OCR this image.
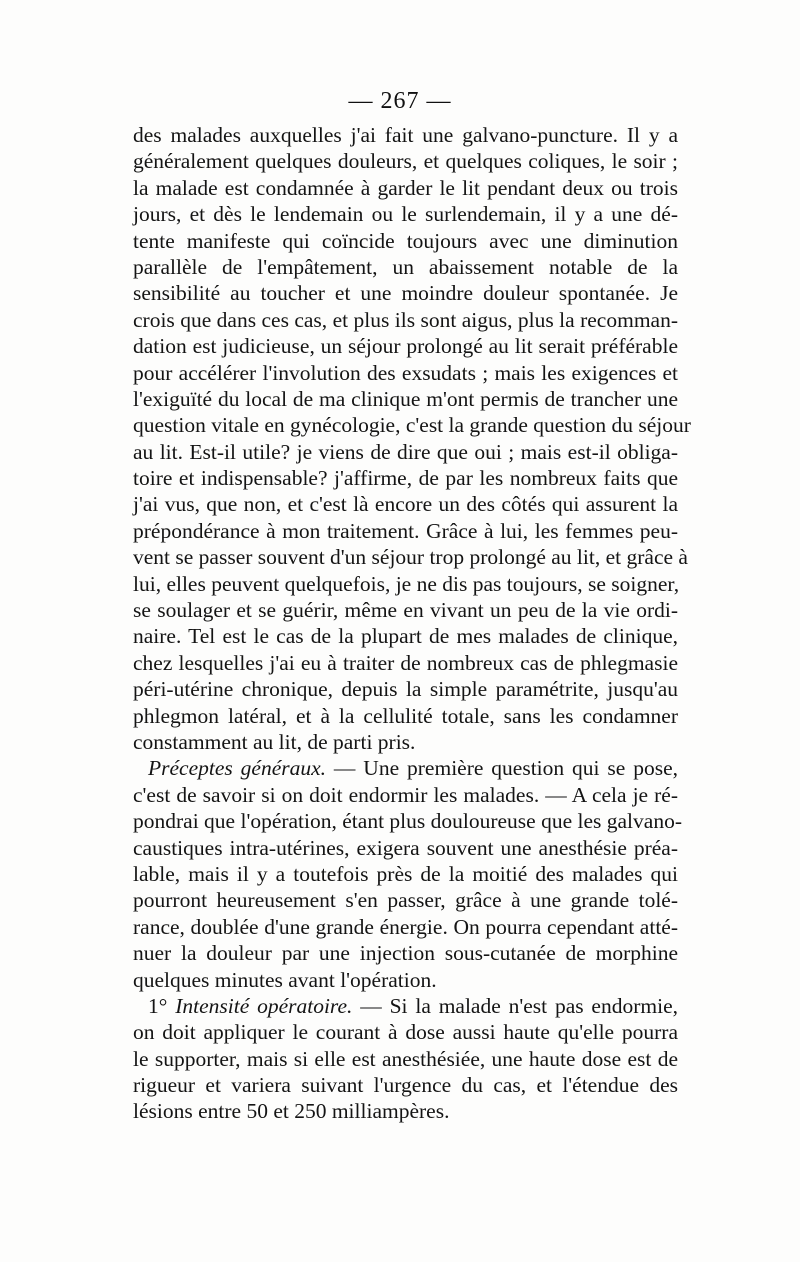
— 267 —
des malades auxquelles j'ai fait une galvano-puncture. Il y a
généralement quelques douleurs, et quelques coliques, le soir ;
la malade est condamnée à garder le lit pendant deux ou trois
jours, et dès le lendemain ou le surlendemain, il y a une dé-
tente manifeste qui coïncide toujours avec une diminution
parallèle de l'empâtement, un abaissement notable de la
sensibilité au toucher et une moindre douleur spontanée. Je
crois que dans ces cas, et plus ils sont aigus, plus la recomman-
dation est judicieuse, un séjour prolongé au lit serait préférable
pour accélérer l'involution des exsudats ; mais les exigences et
l'exiguïté du local de ma clinique m'ont permis de trancher une
question vitale en gynécologie, c'est la grande question du séjour
au lit. Est-il utile? je viens de dire que oui ; mais est-il obliga-
toire et indispensable? j'affirme, de par les nombreux faits que
j'ai vus, que non, et c'est là encore un des côtés qui assurent la
prépondérance à mon traitement. Grâce à lui, les femmes peu-
vent se passer souvent d'un séjour trop prolongé au lit, et grâce à
lui, elles peuvent quelquefois, je ne dis pas toujours, se soigner,
se soulager et se guérir, même en vivant un peu de la vie ordi-
naire. Tel est le cas de la plupart de mes malades de clinique,
chez lesquelles j'ai eu à traiter de nombreux cas de phlegmasie
péri-utérine chronique, depuis la simple paramétrite, jusqu'au
phlegmon latéral, et à la cellulité totale, sans les condamner
constamment au lit, de parti pris.
Préceptes généraux. — Une première question qui se pose,
c'est de savoir si on doit endormir les malades. — A cela je ré-
pondrai que l'opération, étant plus douloureuse que les galvano-
caustiques intra-utérines, exigera souvent une anesthésie préa-
lable, mais il y a toutefois près de la moitié des malades qui
pourront heureusement s'en passer, grâce à une grande tolé-
rance, doublée d'une grande énergie. On pourra cependant atté-
nuer la douleur par une injection sous-cutanée de morphine
quelques minutes avant l'opération.
1° Intensité opératoire. — Si la malade n'est pas endormie,
on doit appliquer le courant à dose aussi haute qu'elle pourra
le supporter, mais si elle est anesthésiée, une haute dose est de
rigueur et variera suivant l'urgence du cas, et l'étendue des
lésions entre 50 et 250 milliampères.
